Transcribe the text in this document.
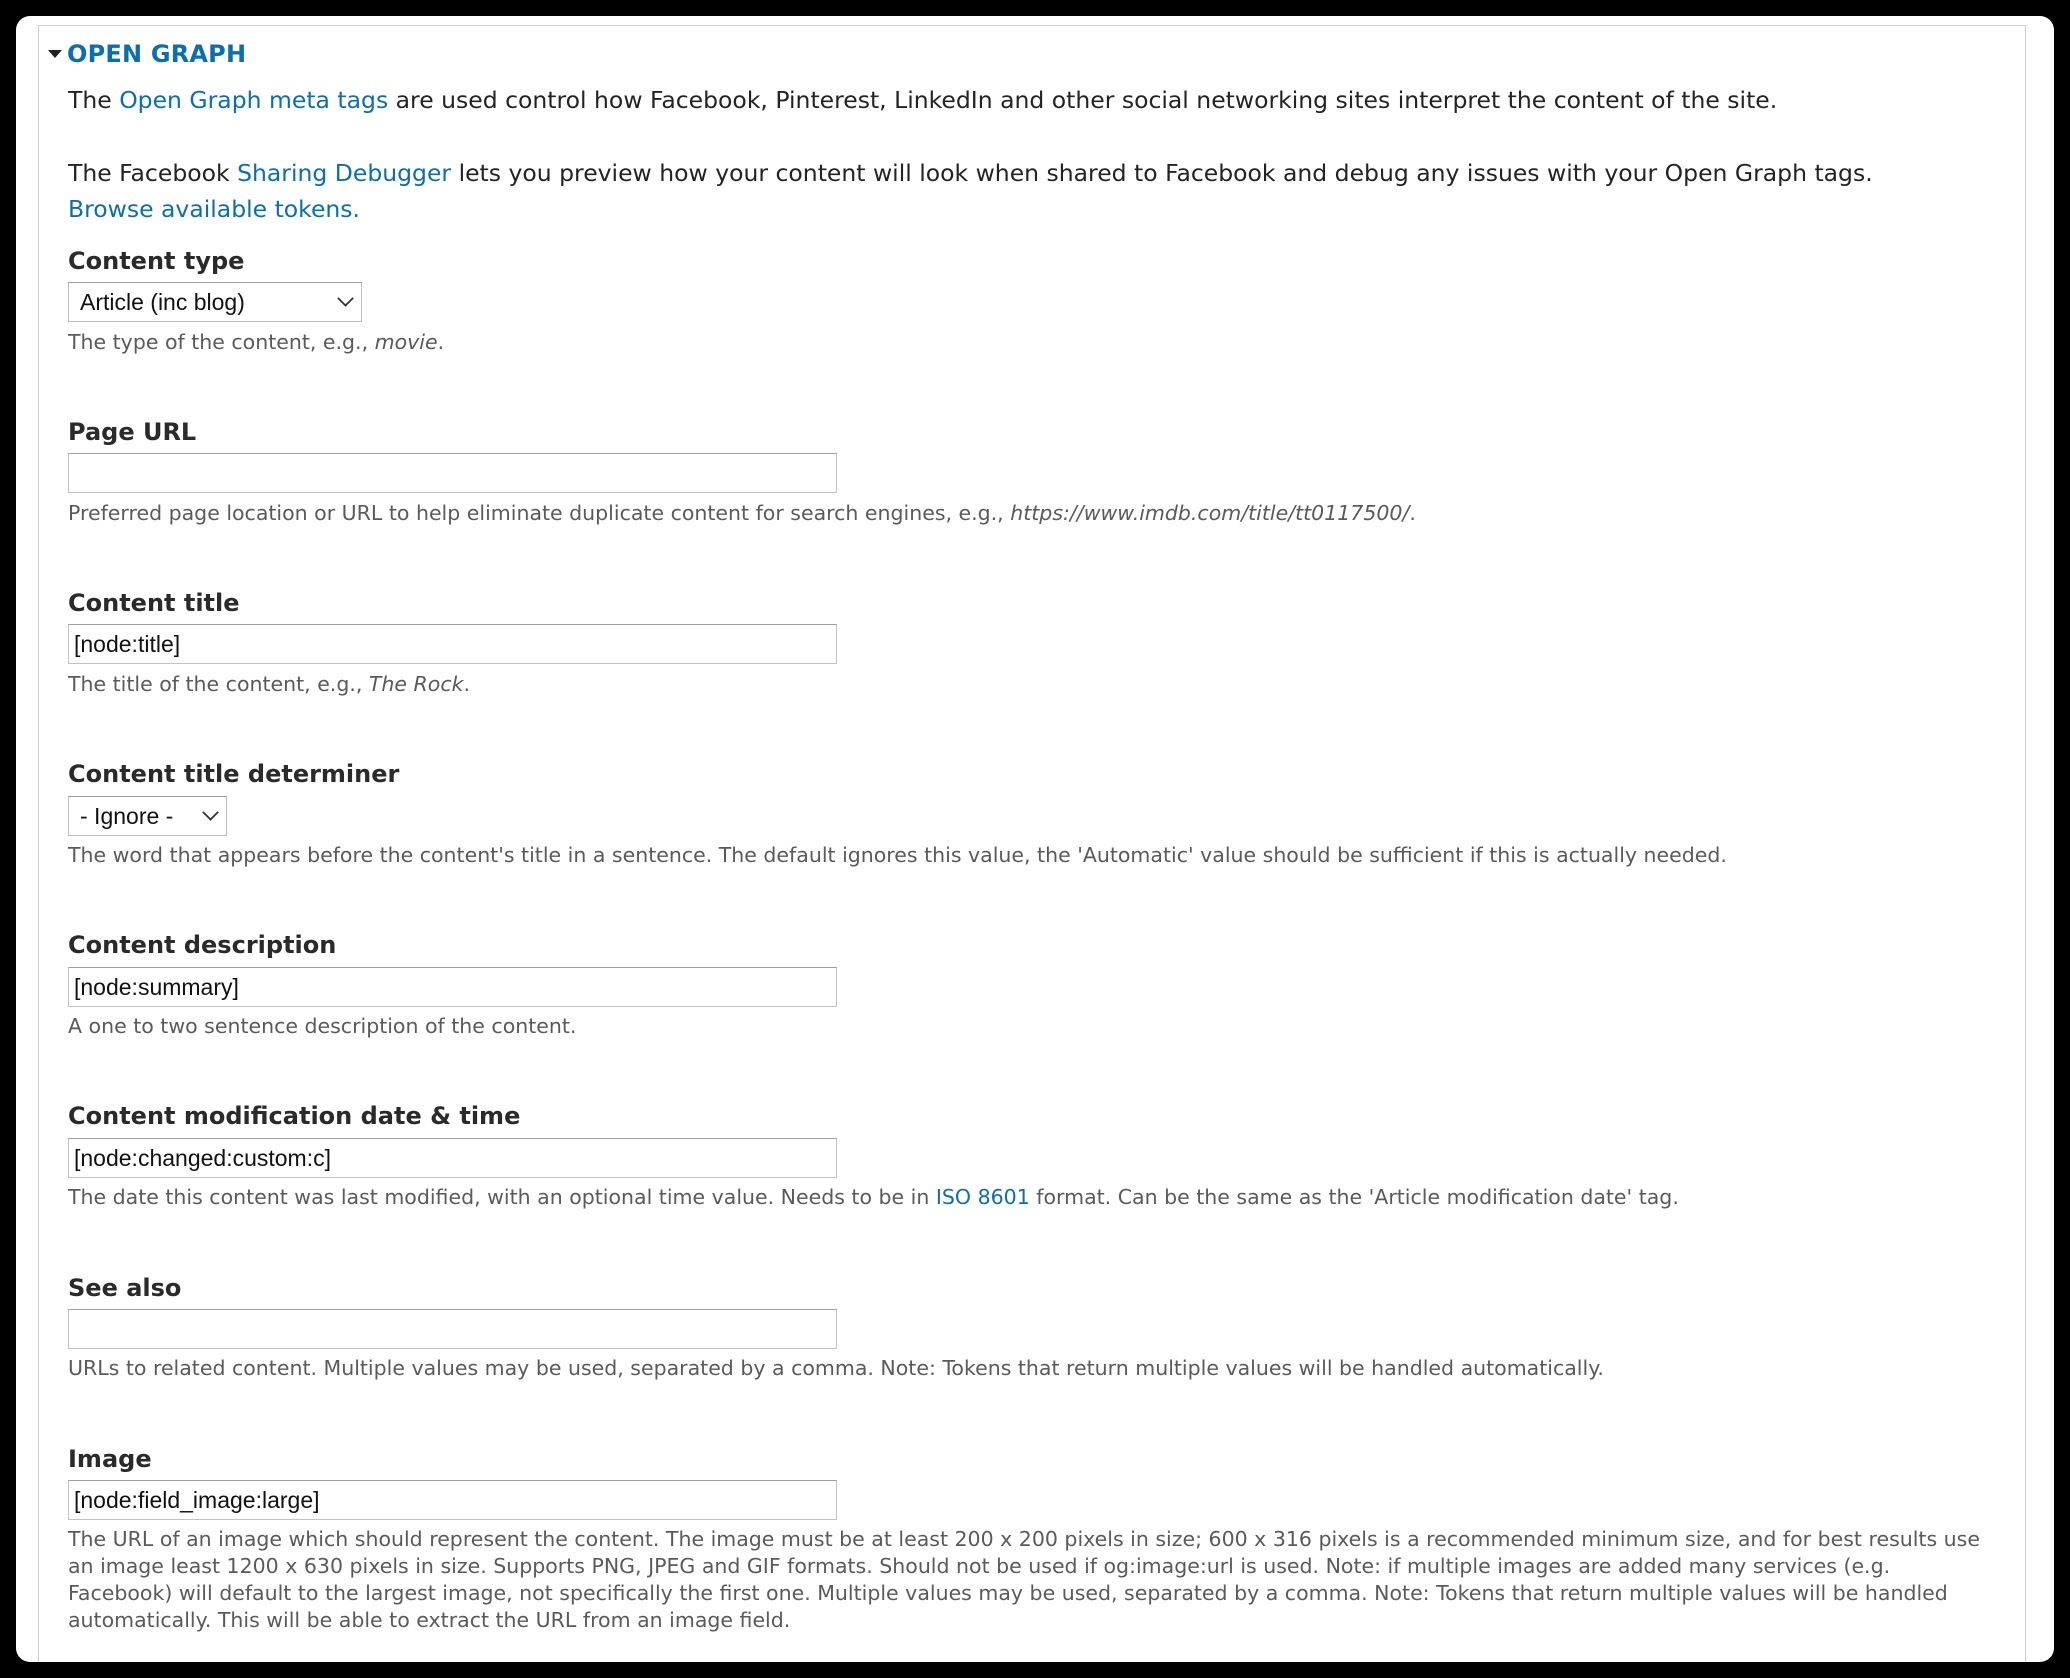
OPEN GRAPH
The Open Graph meta tags are used control how Facebook, Pinterest, LinkedIn and other social networking sites interpret the content of the site.
The Facebook Sharing Debugger lets you preview how your content will look when shared to Facebook and debug any issues with your Open Graph tags.
Browse available tokens.
Content type
Article (inc blog)
The type of the content, e.g., movie.
Page URL
Preferred page location or URL to help eliminate duplicate content for search engines, e.g., https://www.imdb.com/title/tt0117500/.
Content title
[node:title]
The title of the content, e.g., The Rock.
Content title determiner
- Ignore -
The word that appears before the content's title in a sentence. The default ignores this value, the 'Automatic' value should be sufficient if this is actually needed.
Content description
[node:summary]
A one to two sentence description of the content.
Content modification date & time
[node:changed:custom:c]
The date this content was last modified, with an optional time value. Needs to be in ISO 8601 format. Can be the same as the 'Article modification date' tag.
See also
URLs to related content. Multiple values may be used, separated by a comma. Note: Tokens that return multiple values will be handled automatically.
Image
[node:field_image:large]
The URL of an image which should represent the content. The image must be at least 200 x 200 pixels in size; 600 x 316 pixels is a recommended minimum size, and for best results use an image least 1200 x 630 pixels in size. Supports PNG, JPEG and GIF formats. Should not be used if og:image:url is used. Note: if multiple images are added many services (e.g. Facebook) will default to the largest image, not specifically the first one. Multiple values may be used, separated by a comma. Note: Tokens that return multiple values will be handled automatically. This will be able to extract the URL from an image field.
